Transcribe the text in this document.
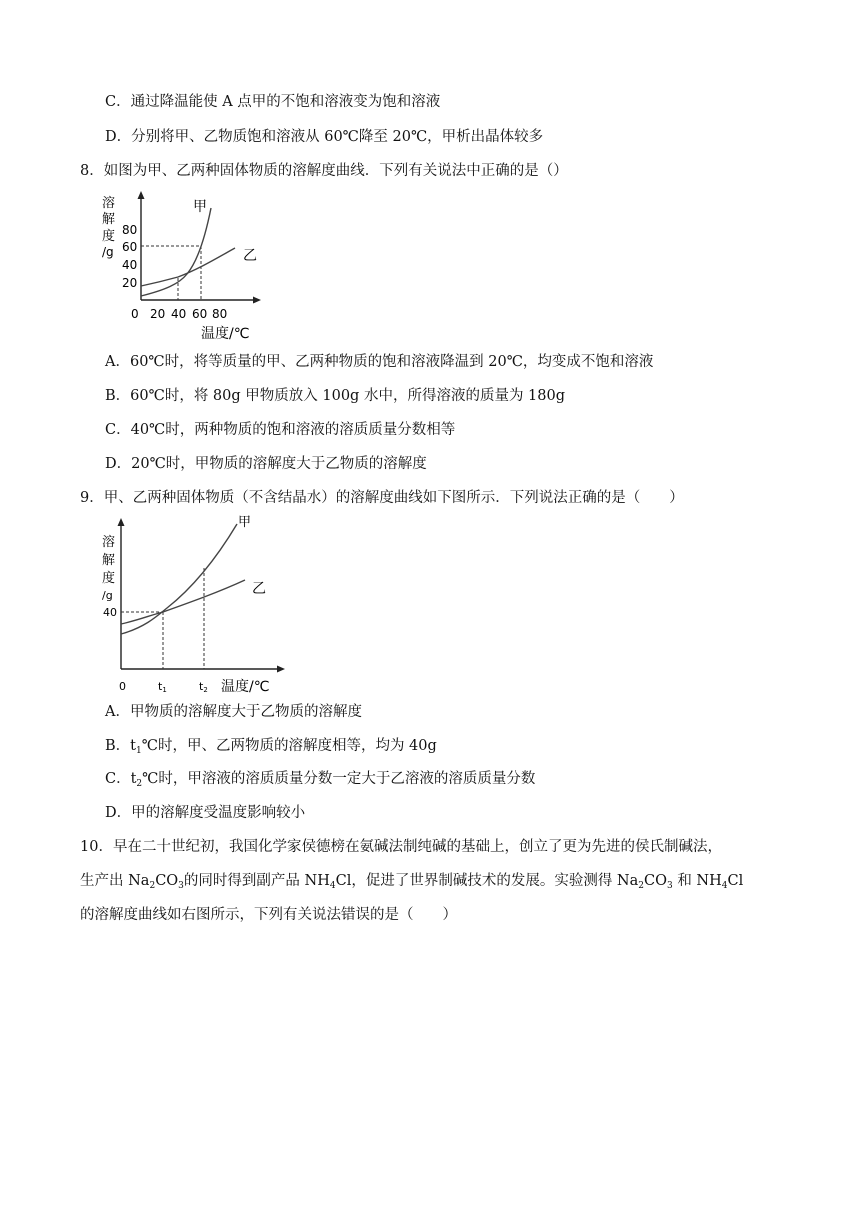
C．通过降温能使 A 点甲的不饱和溶液变为饱和溶液
D．分别将甲、乙物质饱和溶液从 60℃降至 20℃，甲析出晶体较多
8．如图为甲、乙两种固体物质的溶解度曲线．下列有关说法中正确的是（）
溶
解
度
/g
80
60
40
20
0 20 40 60 80
甲
乙
温度/℃
A．60℃时，将等质量的甲、乙两种物质的饱和溶液降温到 20℃，均变成不饱和溶液
B．60℃时，将 80g 甲物质放入 100g 水中，所得溶液的质量为 180g
C．40℃时，两种物质的饱和溶液的溶质质量分数相等
D．20℃时，甲物质的溶解度大于乙物质的溶解度
9．甲、乙两种固体物质（不含结晶水）的溶解度曲线如下图所示．下列说法正确的是（　　）
溶
解
度
/g
40
0	t1	t2
甲
乙
温度/℃
A．甲物质的溶解度大于乙物质的溶解度
B．$t_1℃$时，甲、乙两物质的溶解度相等，均为 40g
C．$t_2℃$时，甲溶液的溶质质量分数一定大于乙溶液的溶质质量分数
D．甲的溶解度受温度影响较小
10．早在二十世纪初，我国化学家侯德榜在氨碱法制纯碱的基础上，创立了更为先进的侯氏制碱法，
生产出 $Na_2CO_3$的同时得到副产品 $NH_4Cl$，促进了世界制碱技术的发展。实验测得 $Na_2CO_3$ 和 $NH_4Cl$
的溶解度曲线如右图所示，下列有关说法错误的是（　　）
